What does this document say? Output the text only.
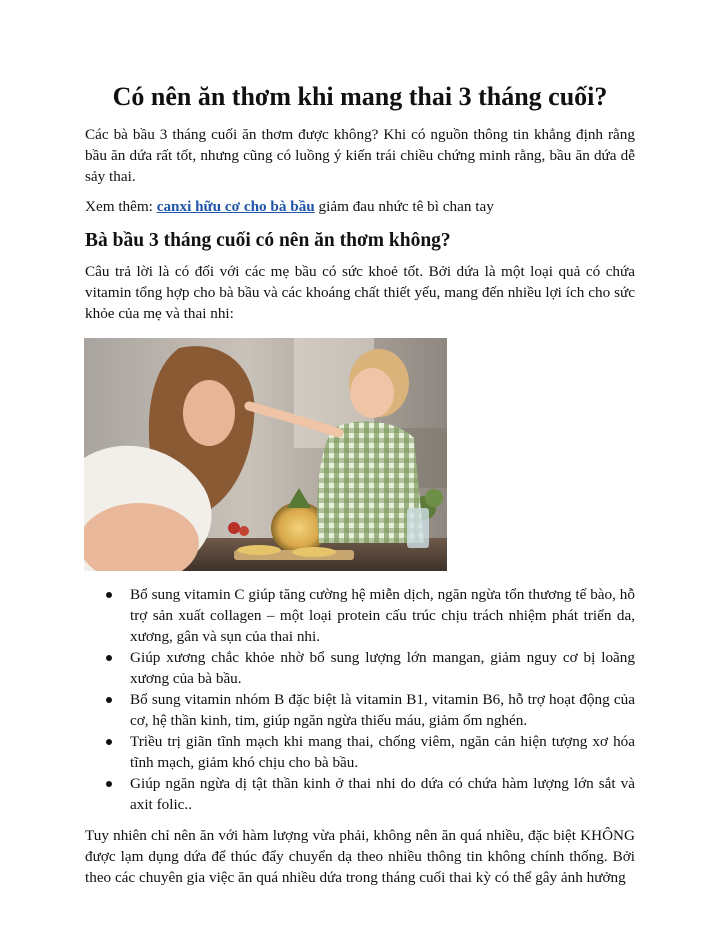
Có nên ăn thơm khi mang thai 3 tháng cuối?

Các bà bầu 3 tháng cuối ăn thơm được không? Khi có nguồn thông tin khẳng định rằng bầu ăn dứa rất tốt, nhưng cũng có luồng ý kiến trái chiều chứng minh rằng, bầu ăn dứa dễ sảy thai.

Xem thêm: canxi hữu cơ cho bà bầu giảm đau nhức tê bì chan tay

Bà bầu 3 tháng cuối có nên ăn thơm không?

Câu trả lời là có đối với các mẹ bầu có sức khoẻ tốt. Bởi dứa là một loại quả có chứa vitamin tổng hợp cho bà bầu và các khoáng chất thiết yếu, mang đến nhiều lợi ích cho sức khỏe của mẹ và thai nhi:

Bổ sung vitamin C giúp tăng cường hệ miễn dịch, ngăn ngừa tổn thương tế bào, hỗ trợ sản xuất collagen – một loại protein cấu trúc chịu trách nhiệm phát triển da, xương, gân và sụn của thai nhi.
Giúp xương chắc khỏe nhờ bổ sung lượng lớn mangan, giảm nguy cơ bị loãng xương của bà bầu.
Bổ sung vitamin nhóm B đặc biệt là vitamin B1, vitamin B6, hỗ trợ hoạt động của cơ, hệ thần kinh, tim, giúp ngăn ngừa thiếu máu, giảm ốm nghén.
Triều trị giãn tĩnh mạch khi mang thai, chống viêm, ngăn cản hiện tượng xơ hóa tĩnh mạch, giảm khó chịu cho bà bầu.
Giúp ngăn ngừa dị tật thần kinh ở thai nhi do dứa có chứa hàm lượng lớn sắt và axit folic..

Tuy nhiên chỉ nên ăn với hàm lượng vừa phải, không nên ăn quá nhiều, đặc biệt KHÔNG được lạm dụng dứa để thúc đẩy chuyển dạ theo nhiều thông tin không chính thống. Bởi theo các chuyên gia việc ăn quá nhiều dứa trong tháng cuối thai kỳ có thể gây ảnh hưởng
